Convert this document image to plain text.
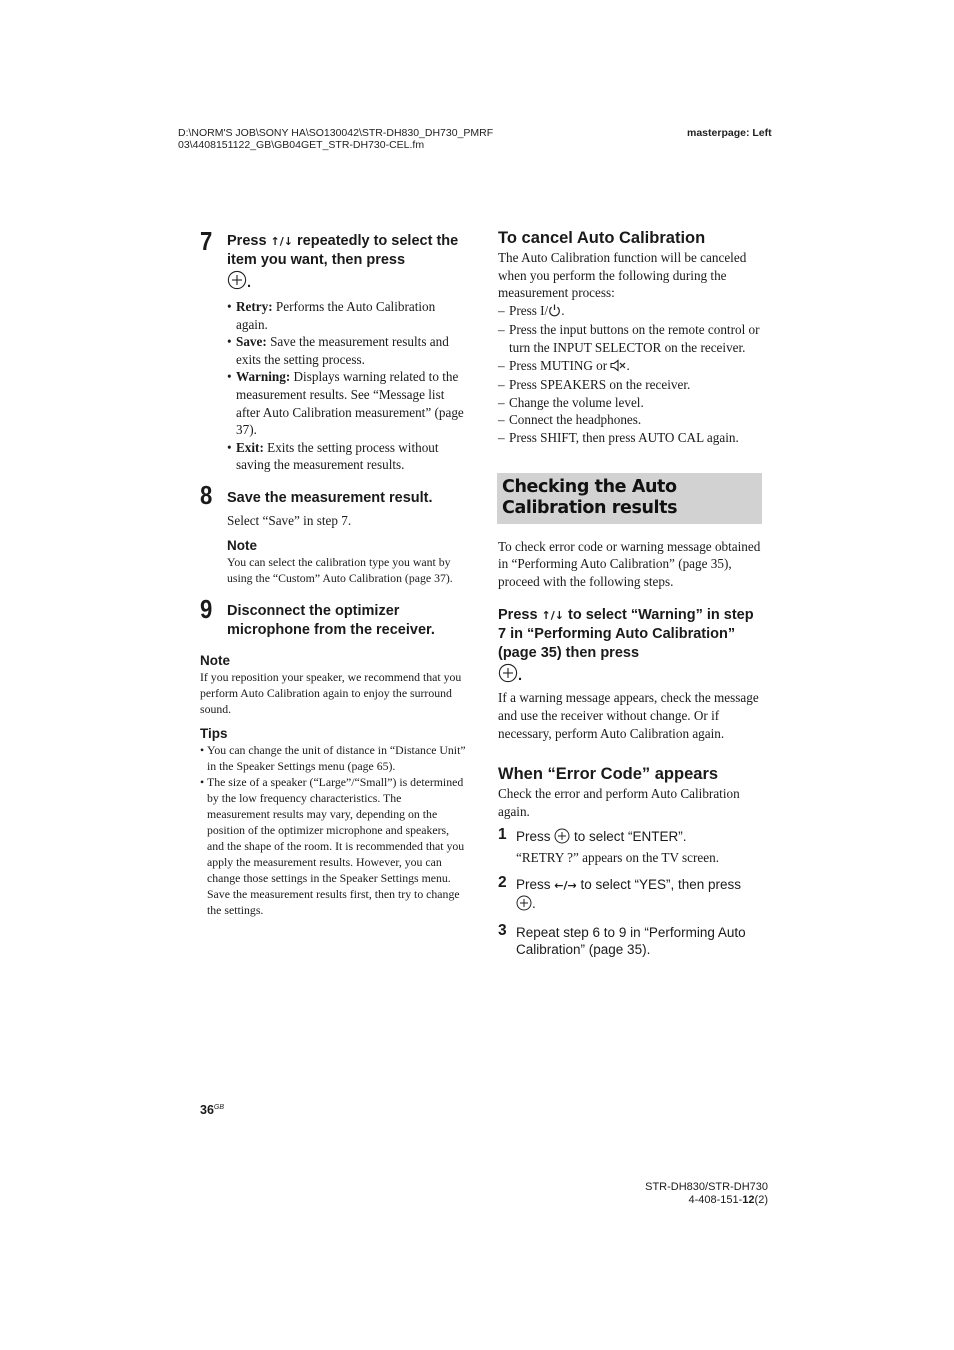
D:\NORM'S JOB\SONY HA\SO130042\STR-DH830_DH730_PMRF
03\4408151122_GB\GB04GET_STR-DH730-CEL.fm
masterpage: Left
7 Press ↑/↓ repeatedly to select the item you want, then press
.
• Retry: Performs the Auto Calibration again.
• Save: Save the measurement results and exits the setting process.
• Warning: Displays warning related to the measurement results. See “Message list after Auto Calibration measurement” (page 37).
• Exit: Exits the setting process without saving the measurement results.
8 Save the measurement result.
Select “Save” in step 7.
Note
You can select the calibration type you want by using the “Custom” Auto Calibration (page 37).
9 Disconnect the optimizer microphone from the receiver.
Note
If you reposition your speaker, we recommend that you perform Auto Calibration again to enjoy the surround sound.
Tips
• You can change the unit of distance in “Distance Unit” in the Speaker Settings menu (page 65).
• The size of a speaker (“Large”/“Small”) is determined by the low frequency characteristics. The measurement results may vary, depending on the position of the optimizer microphone and speakers, and the shape of the room. It is recommended that you apply the measurement results. However, you can change those settings in the Speaker Settings menu. Save the measurement results first, then try to change the settings.
To cancel Auto Calibration
The Auto Calibration function will be canceled when you perform the following during the measurement process:
– Press I/ .
– Press the input buttons on the remote control or turn the INPUT SELECTOR on the receiver.
– Press MUTING or .
– Press SPEAKERS on the receiver.
– Change the volume level.
– Connect the headphones.
– Press SHIFT, then press AUTO CAL again.
Checking the Auto Calibration results
To check error code or warning message obtained in “Performing Auto Calibration” (page 35), proceed with the following steps.
Press ↑/↓ to select “Warning” in step 7 in “Performing Auto Calibration” (page 35) then press
.
If a warning message appears, check the message and use the receiver without change. Or if necessary, perform Auto Calibration again.
When “Error Code” appears
Check the error and perform Auto Calibration again.
1 Press  to select “ENTER”.
“RETRY ?” appears on the TV screen.
2 Press ←/→ to select “YES”, then press
.
3 Repeat step 6 to 9 in “Performing Auto Calibration” (page 35).
$36^{GB}$
STR-DH830/STR-DH730
4-408-151-12(2)
